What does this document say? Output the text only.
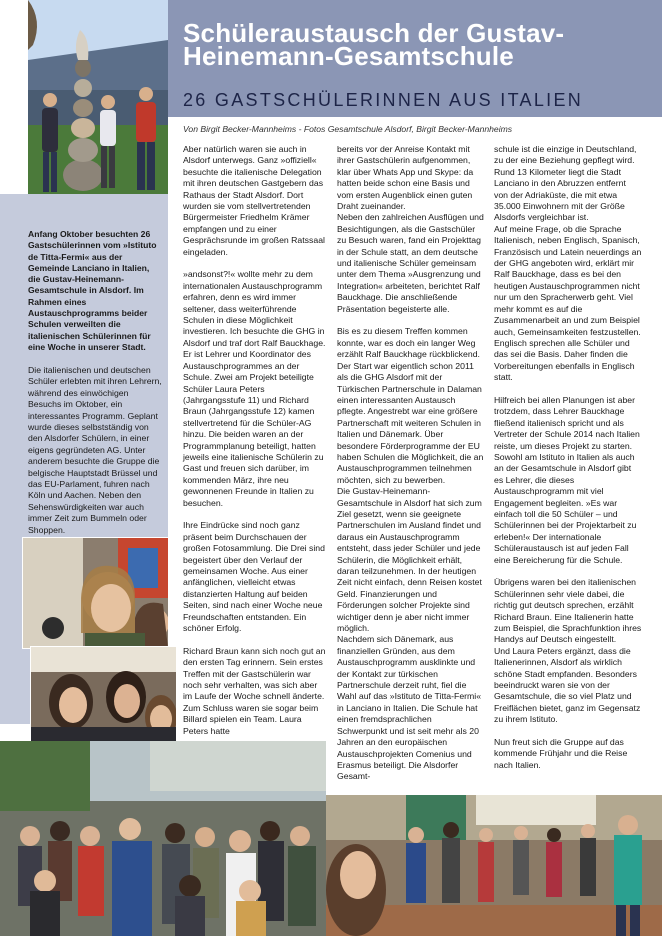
Schüleraustausch der Gustav-
Heinemann-Gesamtschule
26 GASTSCHÜLERINNEN AUS ITALIEN

Anfang Oktober besuchten 26 Gastschülerinnen vom »Istituto de Titta-Fermi« aus der Gemeinde Lanciano in Italien, die Gustav-Heinemann-Gesamtschule in Alsdorf. Im Rahmen eines Austauschprogramms beider Schulen verweilten die italienischen Schülerinnen für eine Woche in unserer Stadt.

Die italienischen und deutschen Schüler erlebten mit ihren Lehrern, während des einwöchigen Besuchs im Oktober, ein interessantes Programm. Geplant wurde dieses selbstständig von den Alsdorfer Schülern, in einer eigens gegründeten AG. Unter anderem besuchte die Gruppe die belgische Hauptstadt Brüssel und das EU-Parlament, fuhren nach Köln und Aachen. Neben den Sehenswürdigkeiten war auch immer Zeit zum Bummeln oder Shoppen.

Von Birgit Becker-Mannheims - Fotos Gesamtschule Alsdorf, Birgit Becker-Mannheims

Aber natürlich waren sie auch in Alsdorf unterwegs. Ganz »offiziell« besuchte die italienische Delegation mit ihren deutschen Gastgebern das Rathaus der Stadt Alsdorf. Dort wurden sie vom stellvertretenden Bürgermeister Friedhelm Krämer empfangen und zu einer Gesprächsrunde im großen Ratssaal eingeladen.

»andsonst?!« wollte mehr zu dem internationalen Austauschprogramm erfahren, denn es wird immer seltener, dass weiterführende Schulen in diese Möglichkeit investieren. Ich besuchte die GHG in Alsdorf und traf dort Ralf Bauckhage. Er ist Lehrer und Koordinator des Austauschprogrammes an der Schule. Zwei am Projekt beteiligte Schüler Laura Peters (Jahrgangsstufe 11) und Richard Braun (Jahrgangsstufe 12) kamen stellvertretend für die Schüler-AG hinzu. Die beiden waren an der Programmplanung beteiligt, hatten jeweils eine italienische Schülerin zu Gast und freuen sich darüber, im kommenden März, ihre neu gewonnenen Freunde in Italien zu besuchen.

Ihre Eindrücke sind noch ganz präsent beim Durchschauen der großen Fotosammlung. Die Drei sind begeistert über den Verlauf der gemeinsamen Woche. Aus einer anfänglichen, vielleicht etwas distanzierten Haltung auf beiden Seiten, sind nach einer Woche neue Freundschaften entstanden. Ein schöner Erfolg.

Richard Braun kann sich noch gut an den ersten Tag erinnern. Sein erstes Treffen mit der Gastschülerin war noch sehr verhalten, was sich aber im Laufe der Woche schnell änderte. Zum Schluss waren sie sogar beim Billard spielen ein Team. Laura Peters hatte

bereits vor der Anreise Kontakt mit ihrer Gastschülerin aufgenommen, klar über Whats App und Skype: da hatten beide schon eine Basis und vom ersten Augenblick einen guten Draht zueinander.
Neben den zahlreichen Ausflügen und Besichtigungen, als die Gastschüler zu Besuch waren, fand ein Projekttag in der Schule statt, an dem deutsche und italienische Schüler gemeinsam unter dem Thema »Ausgrenzung und Integration« arbeiteten, berichtet Ralf Bauckhage. Die anschließende Präsentation begeisterte alle.

Bis es zu diesem Treffen kommen konnte, war es doch ein langer Weg erzählt Ralf Bauckhage rückblickend. Der Start war eigentlich schon 2011 als die GHG Alsdorf mit der Türkischen Partnerschule in Dalaman einen interessanten Austausch pflegte. Angestrebt war eine größere Partnerschaft mit weiteren Schulen in Italien und Dänemark. Über besondere Förderprogramme der EU haben Schulen die Möglichkeit, die an Austauschprogrammen teilnehmen möchten, sich zu bewerben.
Die Gustav-Heinemann-Gesamtschule in Alsdorf hat sich zum Ziel gesetzt, wenn sie geeignete Partnerschulen im Ausland findet und daraus ein Austauschprogramm entsteht, dass jeder Schüler und jede Schülerin, die Möglichkeit erhält, daran teilzunehmen. In der heutigen Zeit nicht einfach, denn Reisen kostet Geld. Finanzierungen und Förderungen solcher Projekte sind wichtiger denn je aber nicht immer möglich.
Nachdem sich Dänemark, aus finanziellen Gründen, aus dem Austauschprogramm ausklinkte und der Kontakt zur türkischen Partnerschule derzeit ruht, fiel die Wahl auf das »Istituto de Titta-Fermi« in Lanciano in Italien. Die Schule hat einen fremdsprachlichen Schwerpunkt und ist seit mehr als 20 Jahren an den europäischen Austauschprojekten Comenius und Erasmus beteiligt. Die Alsdorfer Gesamt-

schule ist die einzige in Deutschland, zu der eine Beziehung gepflegt wird. Rund 13 Kilometer liegt die Stadt Lanciano in den Abruzzen entfernt von der Adriaküste, die mit etwa 35.000 Einwohnern mit der Größe Alsdorfs vergleichbar ist.
Auf meine Frage, ob die Sprache Italienisch, neben Englisch, Spanisch, Französisch und Latein neuerdings an der GHG angeboten wird, erklärt mir Ralf Bauckhage, dass es bei den heutigen Austauschprogrammen nicht nur um den Spracherwerb geht. Viel mehr kommt es auf die Zusammenarbeit an und zum Beispiel auch, Gemeinsamkeiten festzustellen. Englisch sprechen alle Schüler und das sei die Basis. Daher finden die Vorbereitungen ebenfalls in Englisch statt.

Hilfreich bei allen Planungen ist aber trotzdem, dass Lehrer Bauckhage fließend italienisch spricht und als Vertreter der Schule 2014 nach Italien reiste, um dieses Projekt zu starten. Sowohl am Istituto in Italien als auch an der Gesamtschule in Alsdorf gibt es Lehrer, die dieses Austauschprogramm mit viel Engagement begleiten. »Es war einfach toll die 50 Schüler – und Schülerinnen bei der Projektarbeit zu erleben!« Der internationale Schüleraustausch ist auf jeden Fall eine Bereicherung für die Schule.

Übrigens waren bei den italienischen Schülerinnen sehr viele dabei, die richtig gut deutsch sprechen, erzählt Richard Braun. Eine Italienerin hatte zum Beispiel, die Sprachfunktion ihres Handys auf Deutsch eingestellt.
Und Laura Peters ergänzt, dass die Italienerinnen, Alsdorf als wirklich schöne Stadt empfanden. Besonders beeindruckt waren sie von der Gesamtschule, die so viel Platz und Freiflächen bietet, ganz im Gegensatz zu ihrem Istituto.

Nun freut sich die Gruppe auf das kommende Frühjahr und die Reise nach Italien.
